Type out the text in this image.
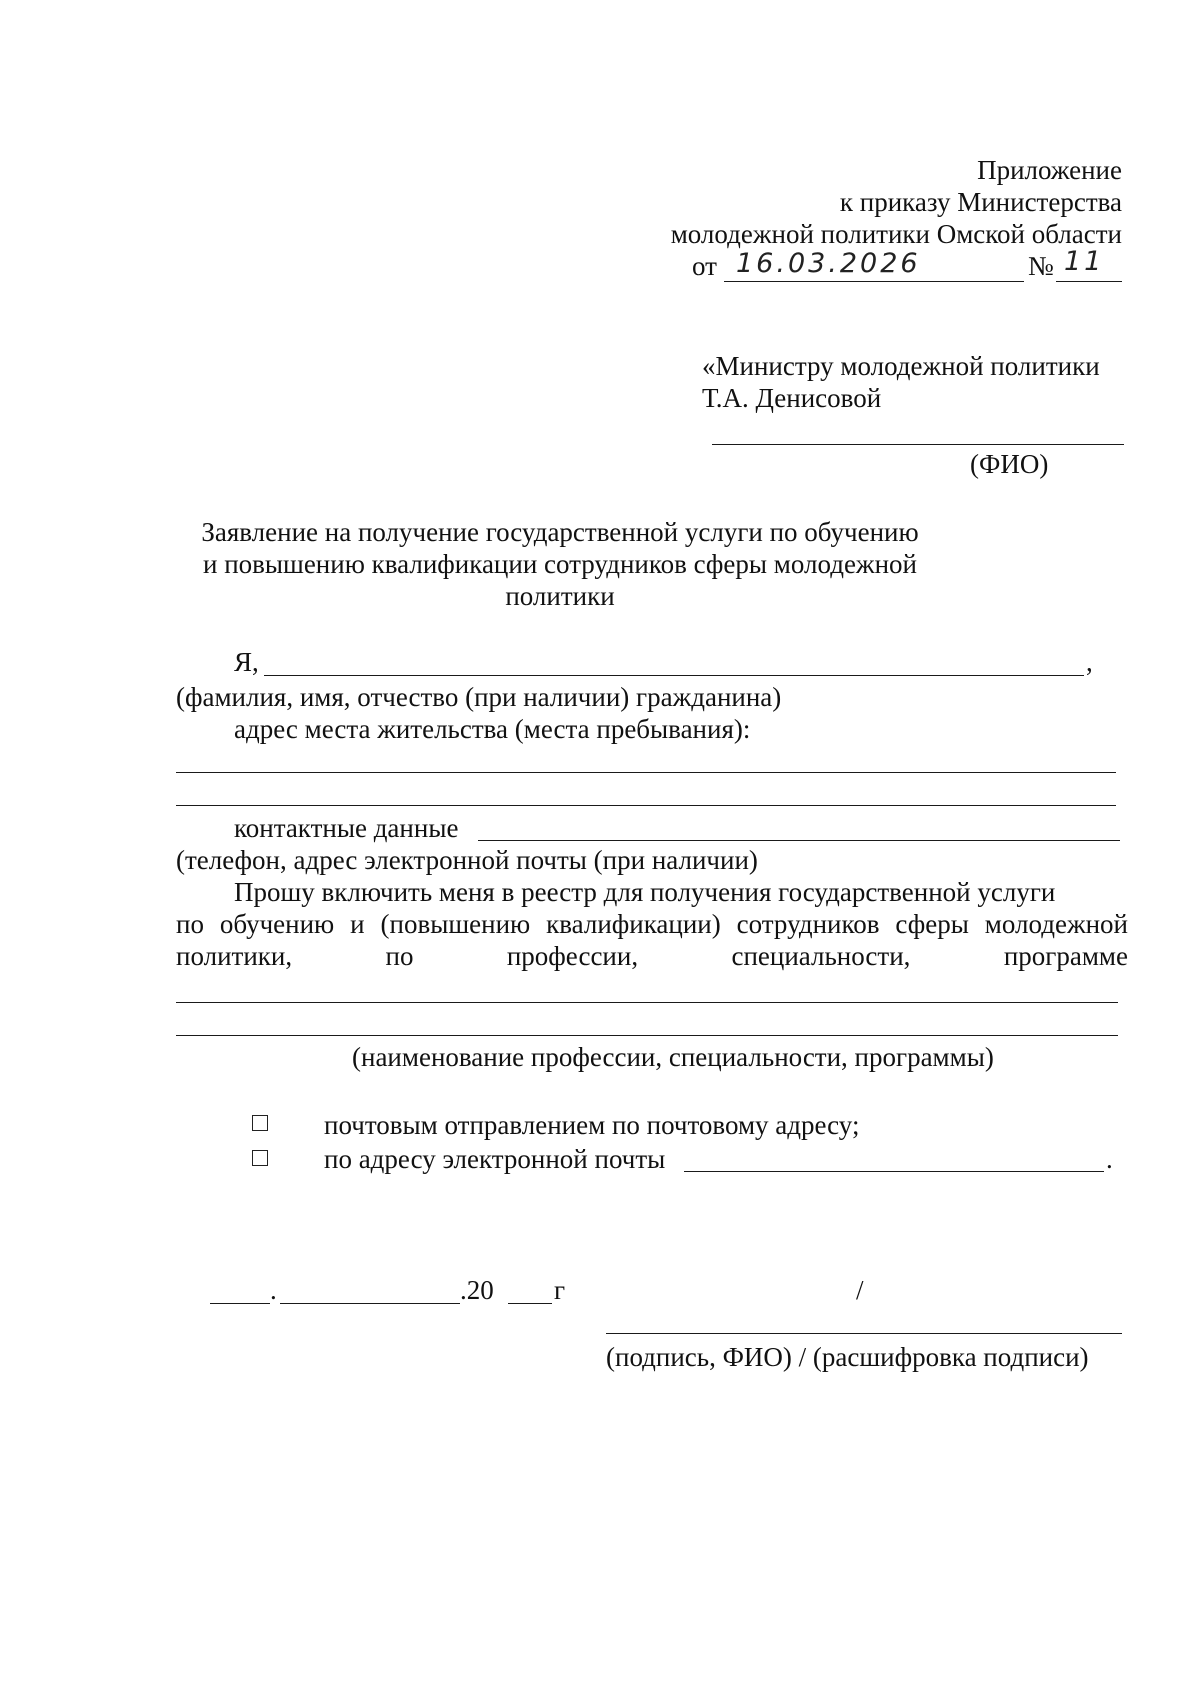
Приложение
к приказу Министерства
молодежной политики Омской области
от 16.03.2026	№ 11
«Министру молодежной политики
Т.А. Денисовой
(ФИО)
Заявление на получение государственной услуги по обучению
и повышению квалификации сотрудников сферы молодежной
политики
Я,	,
(фамилия, имя, отчество (при наличии) гражданина)
адрес места жительства (места пребывания):
контактные данные
(телефон, адрес электронной почты (при наличии)
Прошу включить меня в реестр для получения государственной услуги
по обучению и (повышению квалификации) сотрудников сферы молодежной
политики,	по	профессии,	специальности,	программе
(наименование профессии, специальности, программы)
почтовым отправлением по почтовому адресу;
по адресу электронной почты	.
.	.20 г	/
(подпись, ФИО) / (расшифровка подписи)
